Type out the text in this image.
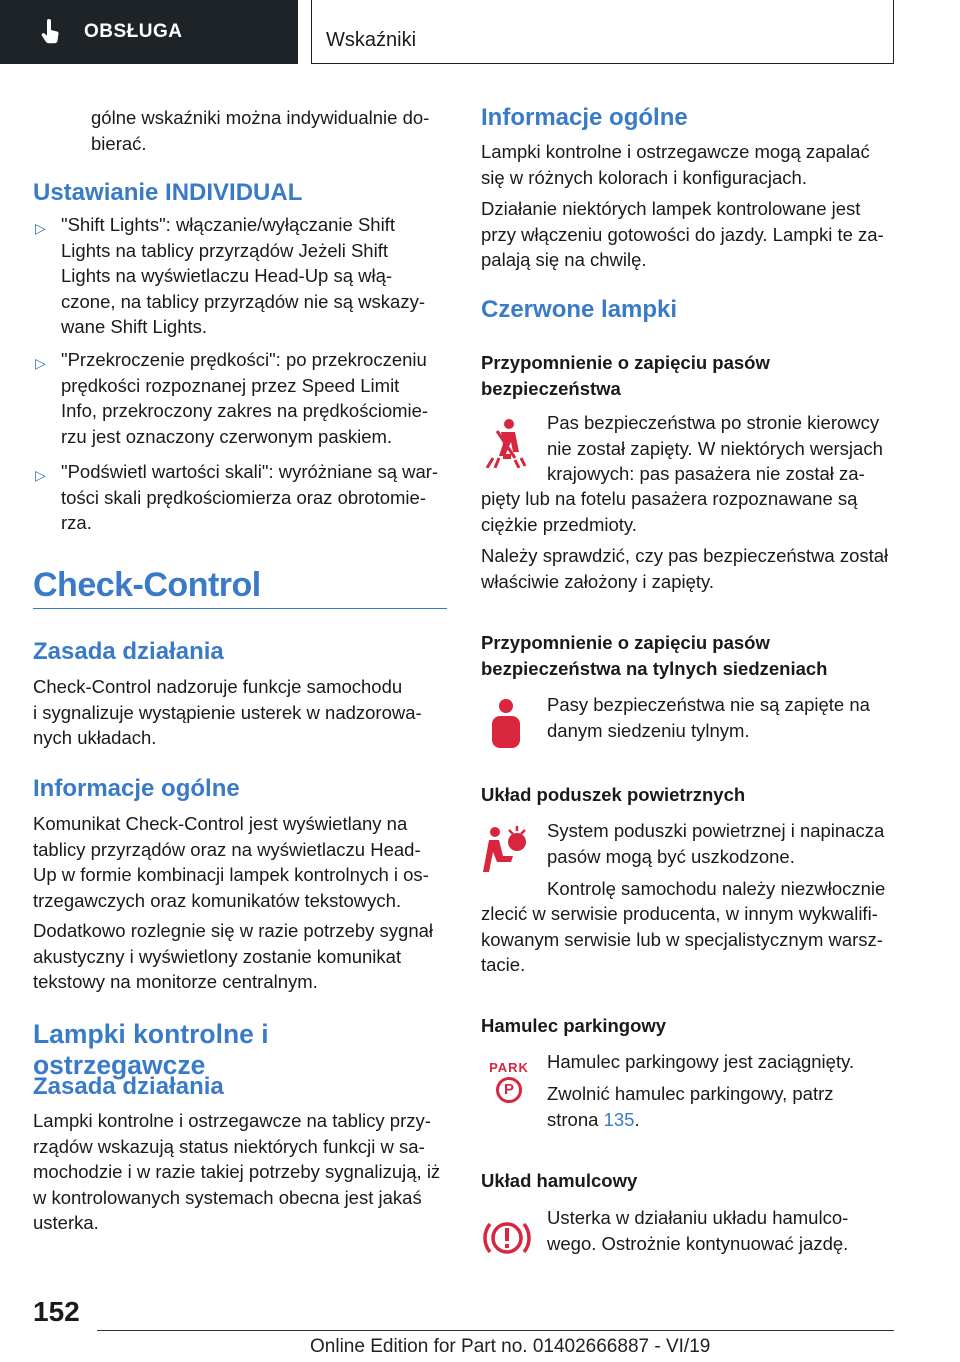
OBSŁUGA	Wskaźniki

gólne wskaźniki można indywidualnie do-
bierać.

Ustawianie INDIVIDUAL
▷ "Shift Lights": włączanie/wyłączanie Shift
Lights na tablicy przyrządów Jeżeli Shift
Lights na wyświetlaczu Head-Up są włą-
czone, na tablicy przyrządów nie są wskazy-
wane Shift Lights.

▷ "Przekroczenie prędkości": po przekroczeniu
prędkości rozpoznanej przez Speed Limit
Info, przekroczony zakres na prędkościomie-
rzu jest oznaczony czerwonym paskiem.

▷ "Podświetl wartości skali": wyróżniane są war-
tości skali prędkościomierza oraz obrotomie-
rza.

Check-Control
Zasada działania

Check-Control nadzoruje funkcje samochodu
i sygnalizuje wystąpienie usterek w nadzorowa-
nych układach.

Informacje ogólne

Komunikat Check-Control jest wyświetlany na
tablicy przyrządów oraz na wyświetlaczu Head-
Up w formie kombinacji lampek kontrolnych i os-
trzegawczych oraz komunikatów tekstowych.

Dodatkowo rozlegnie się w razie potrzeby sygnał
akustyczny i wyświetlony zostanie komunikat
tekstowy na monitorze centralnym.

Lampki kontrolne i ostrzegawcze
Zasada działania

Lampki kontrolne i ostrzegawcze na tablicy przy-
rządów wskazują status niektórych funkcji w sa-
mochodzie i w razie takiej potrzeby sygnalizują, iż
w kontrolowanych systemach obecna jest jakaś
usterka.

Informacje ogólne

Lampki kontrolne i ostrzegawcze mogą zapalać
się w różnych kolorach i konfiguracjach.

Działanie niektórych lampek kontrolowane jest
przy włączeniu gotowości do jazdy. Lampki te za-
palają się na chwilę.

Czerwone lampki
Przypomnienie o zapięciu pasów
bezpieczeństwa

Pas bezpieczeństwa po stronie kierowcy
nie został zapięty. W niektórych wersjach
krajowych: pas pasażera nie został za-

pięty lub na fotelu pasażera rozpoznawane są
ciężkie przedmioty.

Należy sprawdzić, czy pas bezpieczeństwa został
właściwie założony i zapięty.

Przypomnienie o zapięciu pasów
bezpieczeństwa na tylnych siedzeniach

Pasy bezpieczeństwa nie są zapięte na
danym siedzeniu tylnym.

Układ poduszek powietrznych

System poduszki powietrznej i napinacza
pasów mogą być uszkodzone.

Kontrolę samochodu należy niezwłocznie

zlecić w serwisie producenta, w innym wykwalifi-
kowanym serwisie lub w specjalistycznym warsz-
tacie.

Hamulec parkingowy
PARK
P

Hamulec parkingowy jest zaciągnięty.

Zwolnić hamulec parkingowy, patrz
strona 135.

Układ hamulcowy

Usterka w działaniu układu hamulco-
wego. Ostrożnie kontynuować jazdę.

152
Online Edition for Part no. 01402666887 - VI/19
